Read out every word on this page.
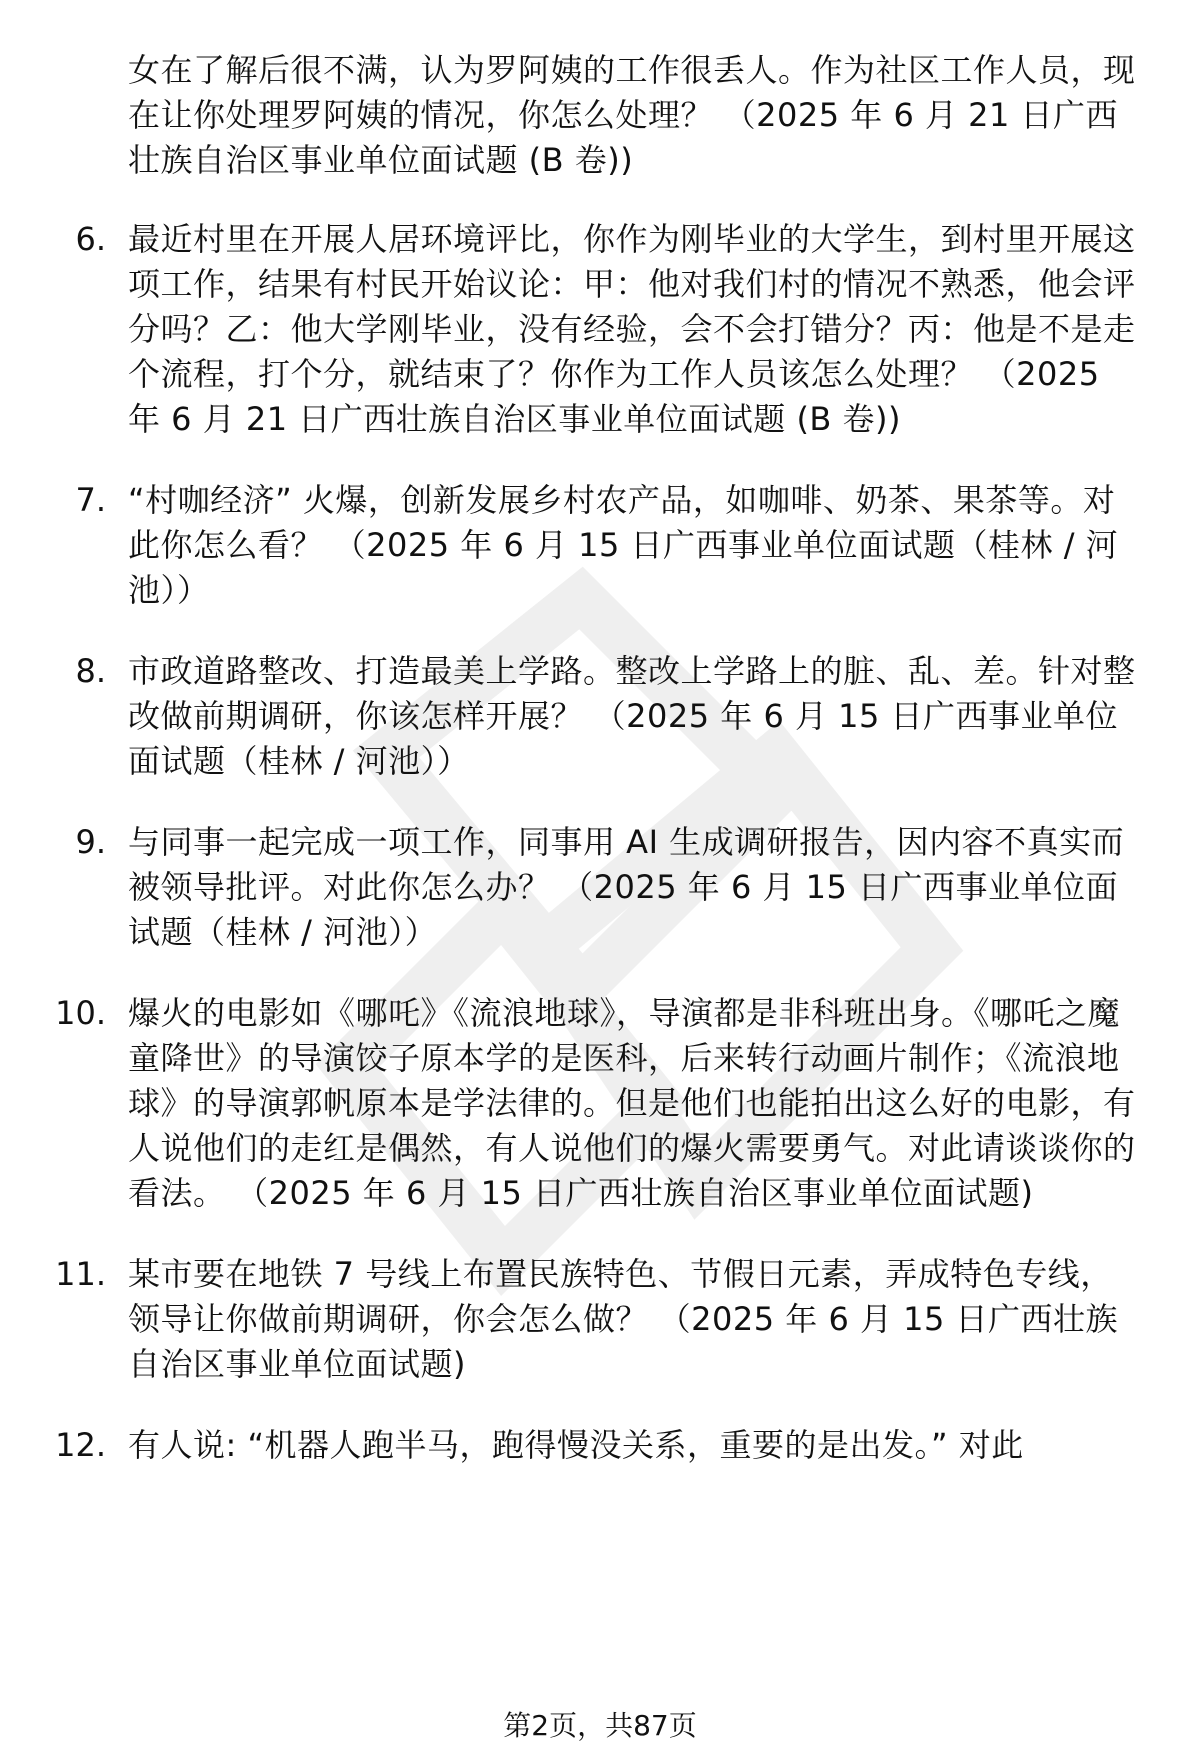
女在了解后很不满，认为罗阿姨的工作很丢人。作为社区工作人员，现在让你处理罗阿姨的情况，你怎么处理？ （2025 年 6 月 21 日广西壮族自治区事业单位面试题 (B 卷))
6. 最近村里在开展人居环境评比，你作为刚毕业的大学生，到村里开展这项工作，结果有村民开始议论：甲：他对我们村的情况不熟悉，他会评分吗？乙：他大学刚毕业，没有经验，会不会打错分？丙：他是不是走个流程，打个分，就结束了？你作为工作人员该怎么处理？ （2025 年 6 月 21 日广西壮族自治区事业单位面试题 (B 卷))
7. “村咖经济” 火爆，创新发展乡村农产品，如咖啡、奶茶、果茶等。对此你怎么看？ （2025 年 6 月 15 日广西事业单位面试题（桂林 / 河池））
8. 市政道路整改、打造最美上学路。整改上学路上的脏、乱、差。针对整改做前期调研，你该怎样开展？ （2025 年 6 月 15 日广西事业单位面试题（桂林 / 河池））
9. 与同事一起完成一项工作，同事用 AI 生成调研报告，因内容不真实而被领导批评。对此你怎么办？ （2025 年 6 月 15 日广西事业单位面试题（桂林 / 河池））
10. 爆火的电影如《哪吒》《流浪地球》，导演都是非科班出身。《哪吒之魔童降世》的导演饺子原本学的是医科，后来转行动画片制作；《流浪地球》的导演郭帆原本是学法律的。但是他们也能拍出这么好的电影，有人说他们的走红是偶然，有人说他们的爆火需要勇气。对此请谈谈你的看法。 （2025 年 6 月 15 日广西壮族自治区事业单位面试题)
11. 某市要在地铁 7 号线上布置民族特色、节假日元素，弄成特色专线，领导让你做前期调研，你会怎么做？ （2025 年 6 月 15 日广西壮族自治区事业单位面试题)
12. 有人说: “机器人跑半马，跑得慢没关系，重要的是出发。” 对此
第2页，共87页
